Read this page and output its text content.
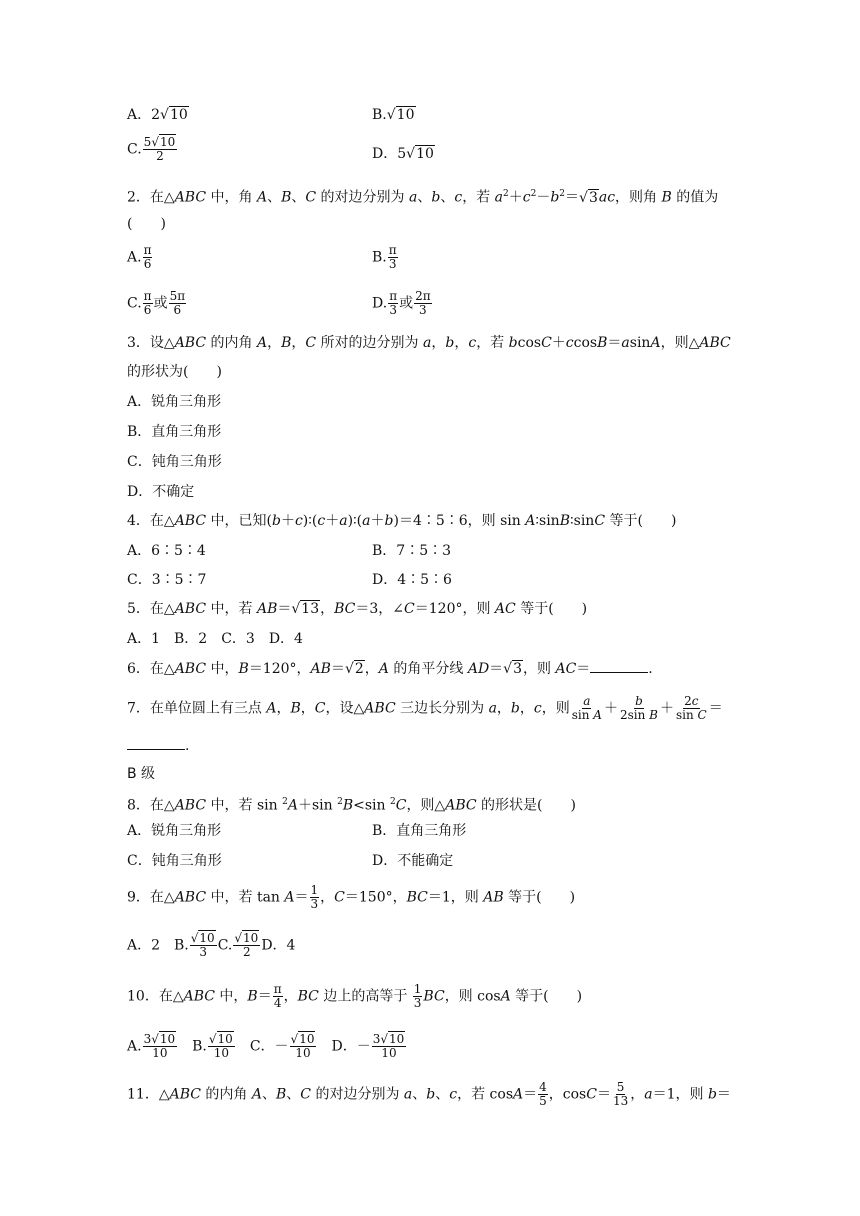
A．2√10	B.√10
C. $\frac{5√10}{2}$	D．5√10
2．在△ABC 中，角 A、B、C 的对边分别为 a、b、c，若 $a^2+c^2-b^2=√3ac$，则角 B 的值为
(　　)
A. $\frac{\pi}{6}$	B. $\frac{\pi}{3}$
C. $\frac{\pi}{6}$ 或 $\frac{5\pi}{6}$	D. $\frac{\pi}{3}$ 或 $\frac{2\pi}{3}$
3．设△ABC 的内角 A，B，C 所对的边分别为 a，b，c，若 bcosC＋ccosB＝asinA，则△ABC
的形状为(　　)
A．锐角三角形
B．直角三角形
C．钝角三角形
D．不确定
4．在△ABC 中，已知(b＋c)∶(c＋a)∶(a＋b)＝4∶5∶6，则 sin A∶sinB∶sinC 等于(　　)
A．6∶5∶4	B．7∶5∶3
C．3∶5∶7	D．4∶5∶6
5．在△ABC 中，若 AB＝√13，BC＝3，∠C＝120°，则 AC 等于(　　)
A．1　B．2　C．3　D．4
6．在△ABC 中，B＝120°，AB＝√2，A 的角平分线 AD＝√3，则 AC＝	.
7．在单位圆上有三点 A，B，C，设△ABC 三边长分别为 a，b，c，则 $\frac{a}{\text{sin A}} + \frac{b}{\text{2sin B}} + \frac{2c}{\text{sin C}}$ ＝
.
B 级
8．在△ABC 中，若 sin $^2$A＋sin $^2$B<sin $^2$C，则△ABC 的形状是(　　)
A．锐角三角形	B．直角三角形
C．钝角三角形	D．不能确定
9．在△ABC 中，若 $\tan A= \frac{1}{3}$ ，C＝150°，BC＝1，则 AB 等于(　　)
A．2　B. $\frac{√10}{3} C$. $\frac{√10}{2}$ D．4
10．在△ABC 中，$B= \frac{\pi}{4}$ ，BC 边上的高等于 $\frac{1}{3}$ BC，则 cosA 等于(　　)
A. $\frac{3√10}{10}$ 　B. $\frac{√10}{10}$ 　C．－ $\frac{√10}{10}$ 　D．－ $\frac{3√10}{10}$
11．△ABC 的内角 A、B、C 的对边分别为 a、b、c，若 $\cos A= \frac{4}{5}$ ，$\cos C= \frac{5}{13}$ ，a＝1，则 b＝
